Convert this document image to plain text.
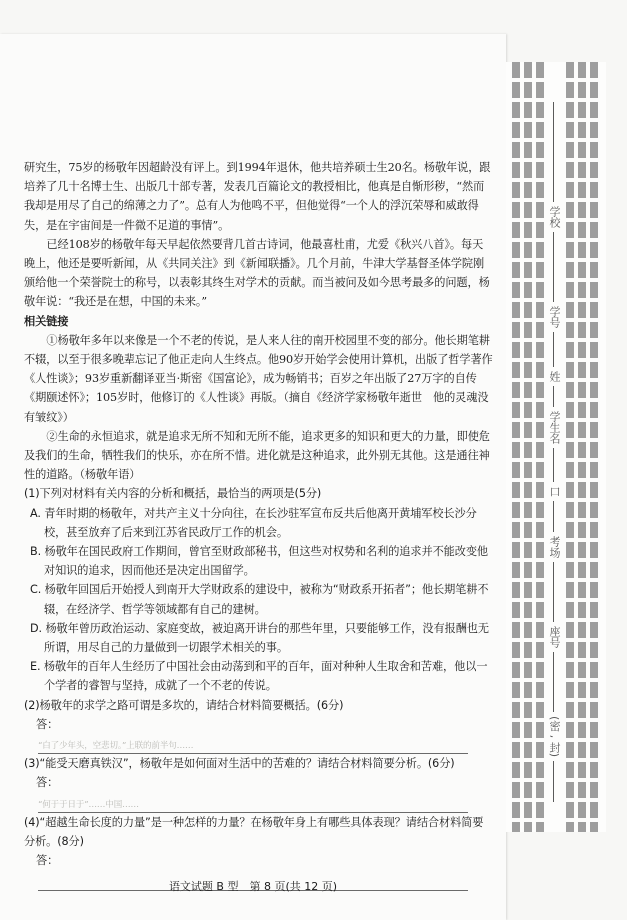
研究生，75岁的杨敬年因超龄没有评上。到1994年退休，他共培养硕士生20名。杨敬年说，跟培养了几十名博士生、出版几十部专著，发表几百篇论文的教授相比，他真是自惭形秽，“然而我却是用尽了自己的绵薄之力了”。总有人为他鸣不平，但他觉得“一个人的浮沉荣辱和威敢得失，是在宇宙间是一件微不足道的事情”。

已经108岁的杨敬年每天早起依然要背几首古诗词，他最喜杜甫，尤爱《秋兴八首》。每天晚上，他还是要听新闻，从《共同关注》到《新闻联播》。几个月前，牛津大学基督圣体学院刚颁给他一个荣誉院士的称号，以表彰其终生对学术的贡献。而当被问及如今思考最多的问题，杨敬年说：“我还是在想，中国的未来。”

相关链接

①杨敬年多年以来像是一个不老的传说，是人来人往的南开校园里不变的部分。他长期笔耕不辍，以至于很多晚辈忘记了他正走向人生终点。他90岁开始学会使用计算机，出版了哲学著作《人性谈》；93岁重新翻译亚当·斯密《国富论》，成为畅销书；百岁之年出版了27万字的自传《期颐述怀》；105岁时，他修订的《人性谈》再版。（摘自《经济学家杨敬年逝世　他的灵魂没有皱纹》）

②生命的永恒追求，就是追求无所不知和无所不能，追求更多的知识和更大的力量，即使危及我们的生命，牺牲我们的快乐，亦在所不惜。进化就是这种追求，此外别无其他。这是通往神性的道路。（杨敬年语）

(1)下列对材料有关内容的分析和概括，最恰当的两项是(5分)

A. 青年时期的杨敬年，对共产主义十分向往，在长沙驻军宣布反共后他离开黄埔军校长沙分校，甚至放弃了后来到江苏省民政厅工作的机会。

B. 杨敬年在国民政府工作期间，曾官至财政部秘书，但这些对权势和名利的追求并不能改变他对知识的追求，因而他还是决定出国留学。

C. 杨敬年回国后开始授人到南开大学财政系的建设中，被称为“财政系开拓者”；他长期笔耕不辍，在经济学、哲学等领域都有自己的建树。

D. 杨敬年曾历政治运动、家庭变故，被迫离开讲台的那些年里，只要能够工作，没有报酬也无所谓，用尽自己的力量做到一切跟学术相关的事。

E. 杨敬年的百年人生经历了中国社会由动荡到和平的百年，面对种种人生取舍和苦难，他以一个学者的睿智与坚持，成就了一个不老的传说。

(2)杨敬年的求学之路可谓是多坎的，请结合材料简要概括。(6分)

答：

“白了少年头，空悲切。”上联的前半句……

(3)“能受天磨真铁汉”，杨敬年是如何面对生活中的苦难的？请结合材料简要分析。(6分)

答：

“何于于日于”……中国……

(4)“超越生命长度的力量”是一种怎样的力量？在杨敬年身上有哪些具体表现？请结合材料简要分析。(8分)

答：

语文试题 B 型　第 8 页(共 12 页)
学校
学号
姓
学生名
口
考场
座号
(密 , 封)
